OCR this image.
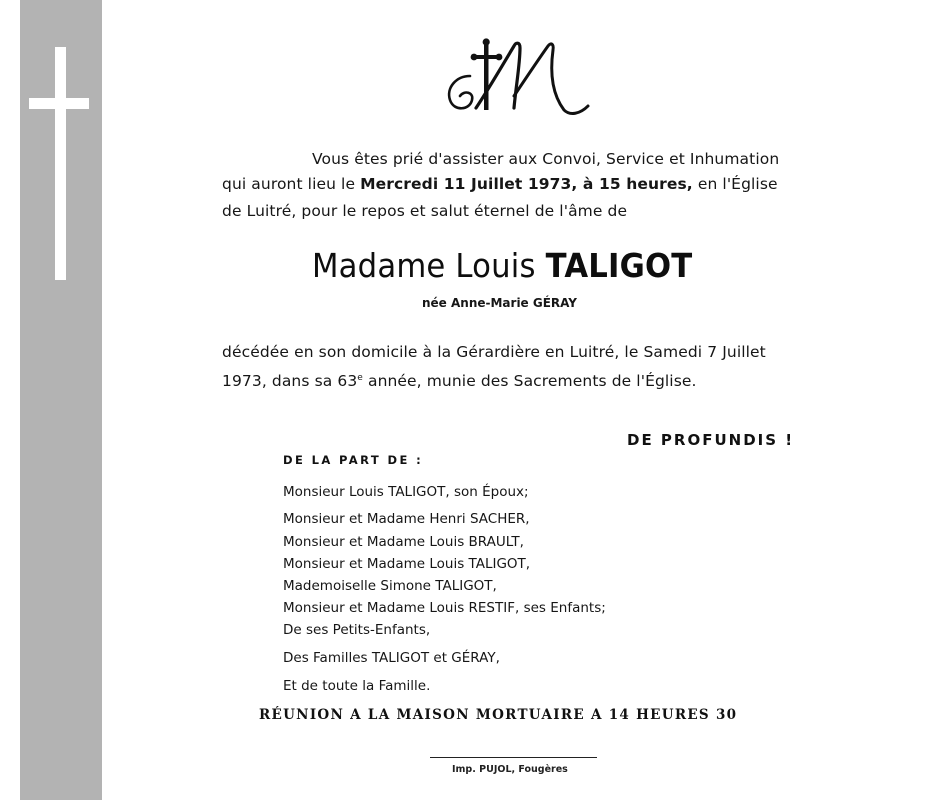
Vous êtes prié d'assister aux Convoi, Service et Inhumation

qui auront lieu le Mercredi 11 Juillet 1973, à 15 heures, en l'Église

de Luitré, pour le repos et salut éternel de l'âme de

Madame Louis TALIGOT

née Anne-Marie GÉRAY

décédée en son domicile à la Gérardière en Luitré, le Samedi 7 Juillet

1973, dans sa 63e année, munie des Sacrements de l'Église.

DE PROFUNDIS !

DE LA PART DE :

Monsieur Louis TALIGOT, son Époux;

Monsieur et Madame Henri SACHER,

Monsieur et Madame Louis BRAULT,

Monsieur et Madame Louis TALIGOT,

Mademoiselle Simone TALIGOT,

Monsieur et Madame Louis RESTIF, ses Enfants;

De ses Petits-Enfants,

Des Familles TALIGOT et GÉRAY,

Et de toute la Famille.

RÉUNION A LA MAISON MORTUAIRE A 14 HEURES 30

Imp. PUJOL, Fougères
